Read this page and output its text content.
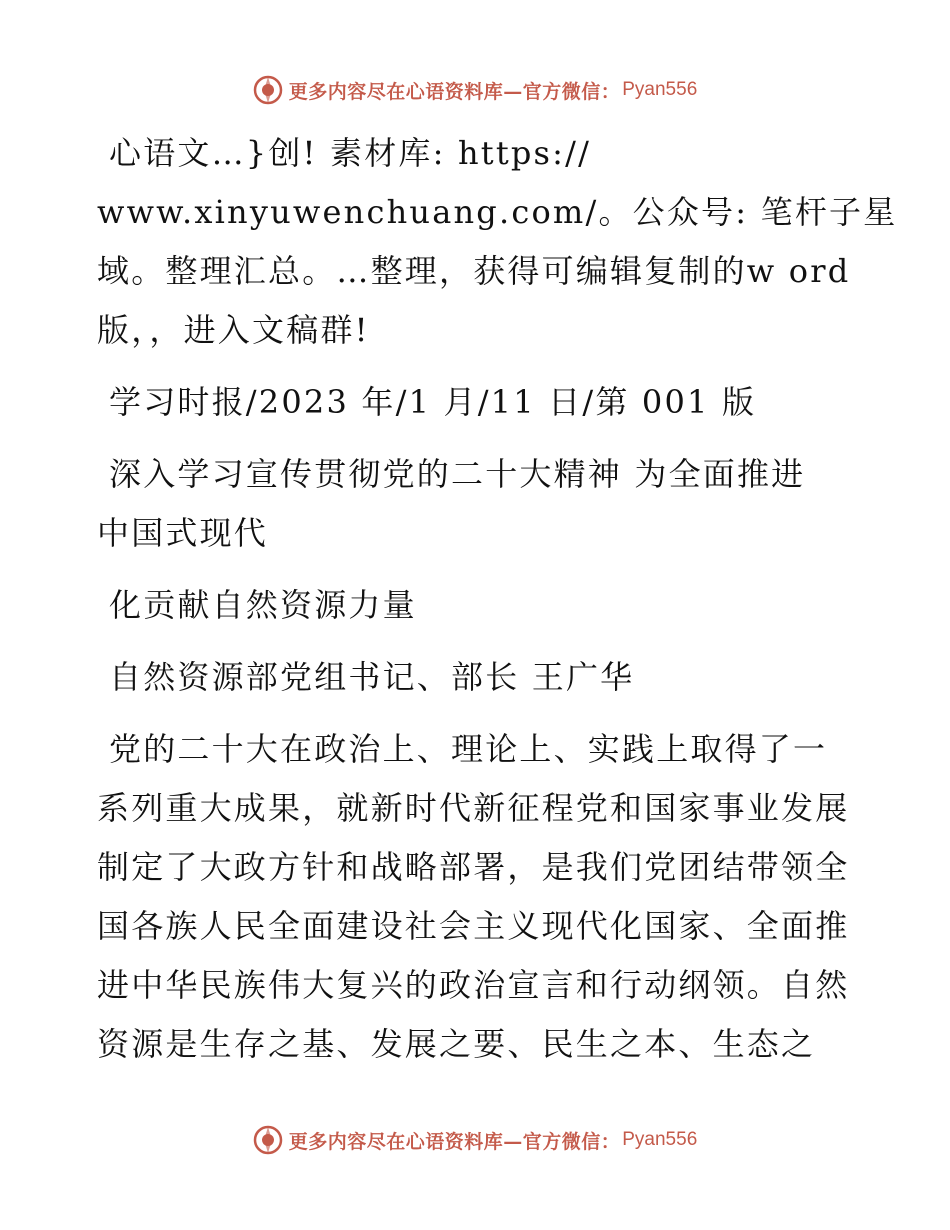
更多内容尽在心语资料库—官方微信： Pyan556
心语文…}创! 素材库: https://
www.xinyuwenchuang.com/。公众号: 笔杆子星
域。整理汇总。…整理，获得可编辑复制的w ord
版，，进入文稿群!
学习时报/2023 年/1 月/11 日/第 001 版
深入学习宣传贯彻党的二十大精神 为全面推进
中国式现代
化贡献自然资源力量
自然资源部党组书记、部长 王广华
党的二十大在政治上、理论上、实践上取得了一
系列重大成果，就新时代新征程党和国家事业发展
制定了大政方针和战略部署，是我们党团结带领全
国各族人民全面建设社会主义现代化国家、全面推
进中华民族伟大复兴的政治宣言和行动纲领。自然
资源是生存之基、发展之要、民生之本、生态之
更多内容尽在心语资料库—官方微信： Pyan556
